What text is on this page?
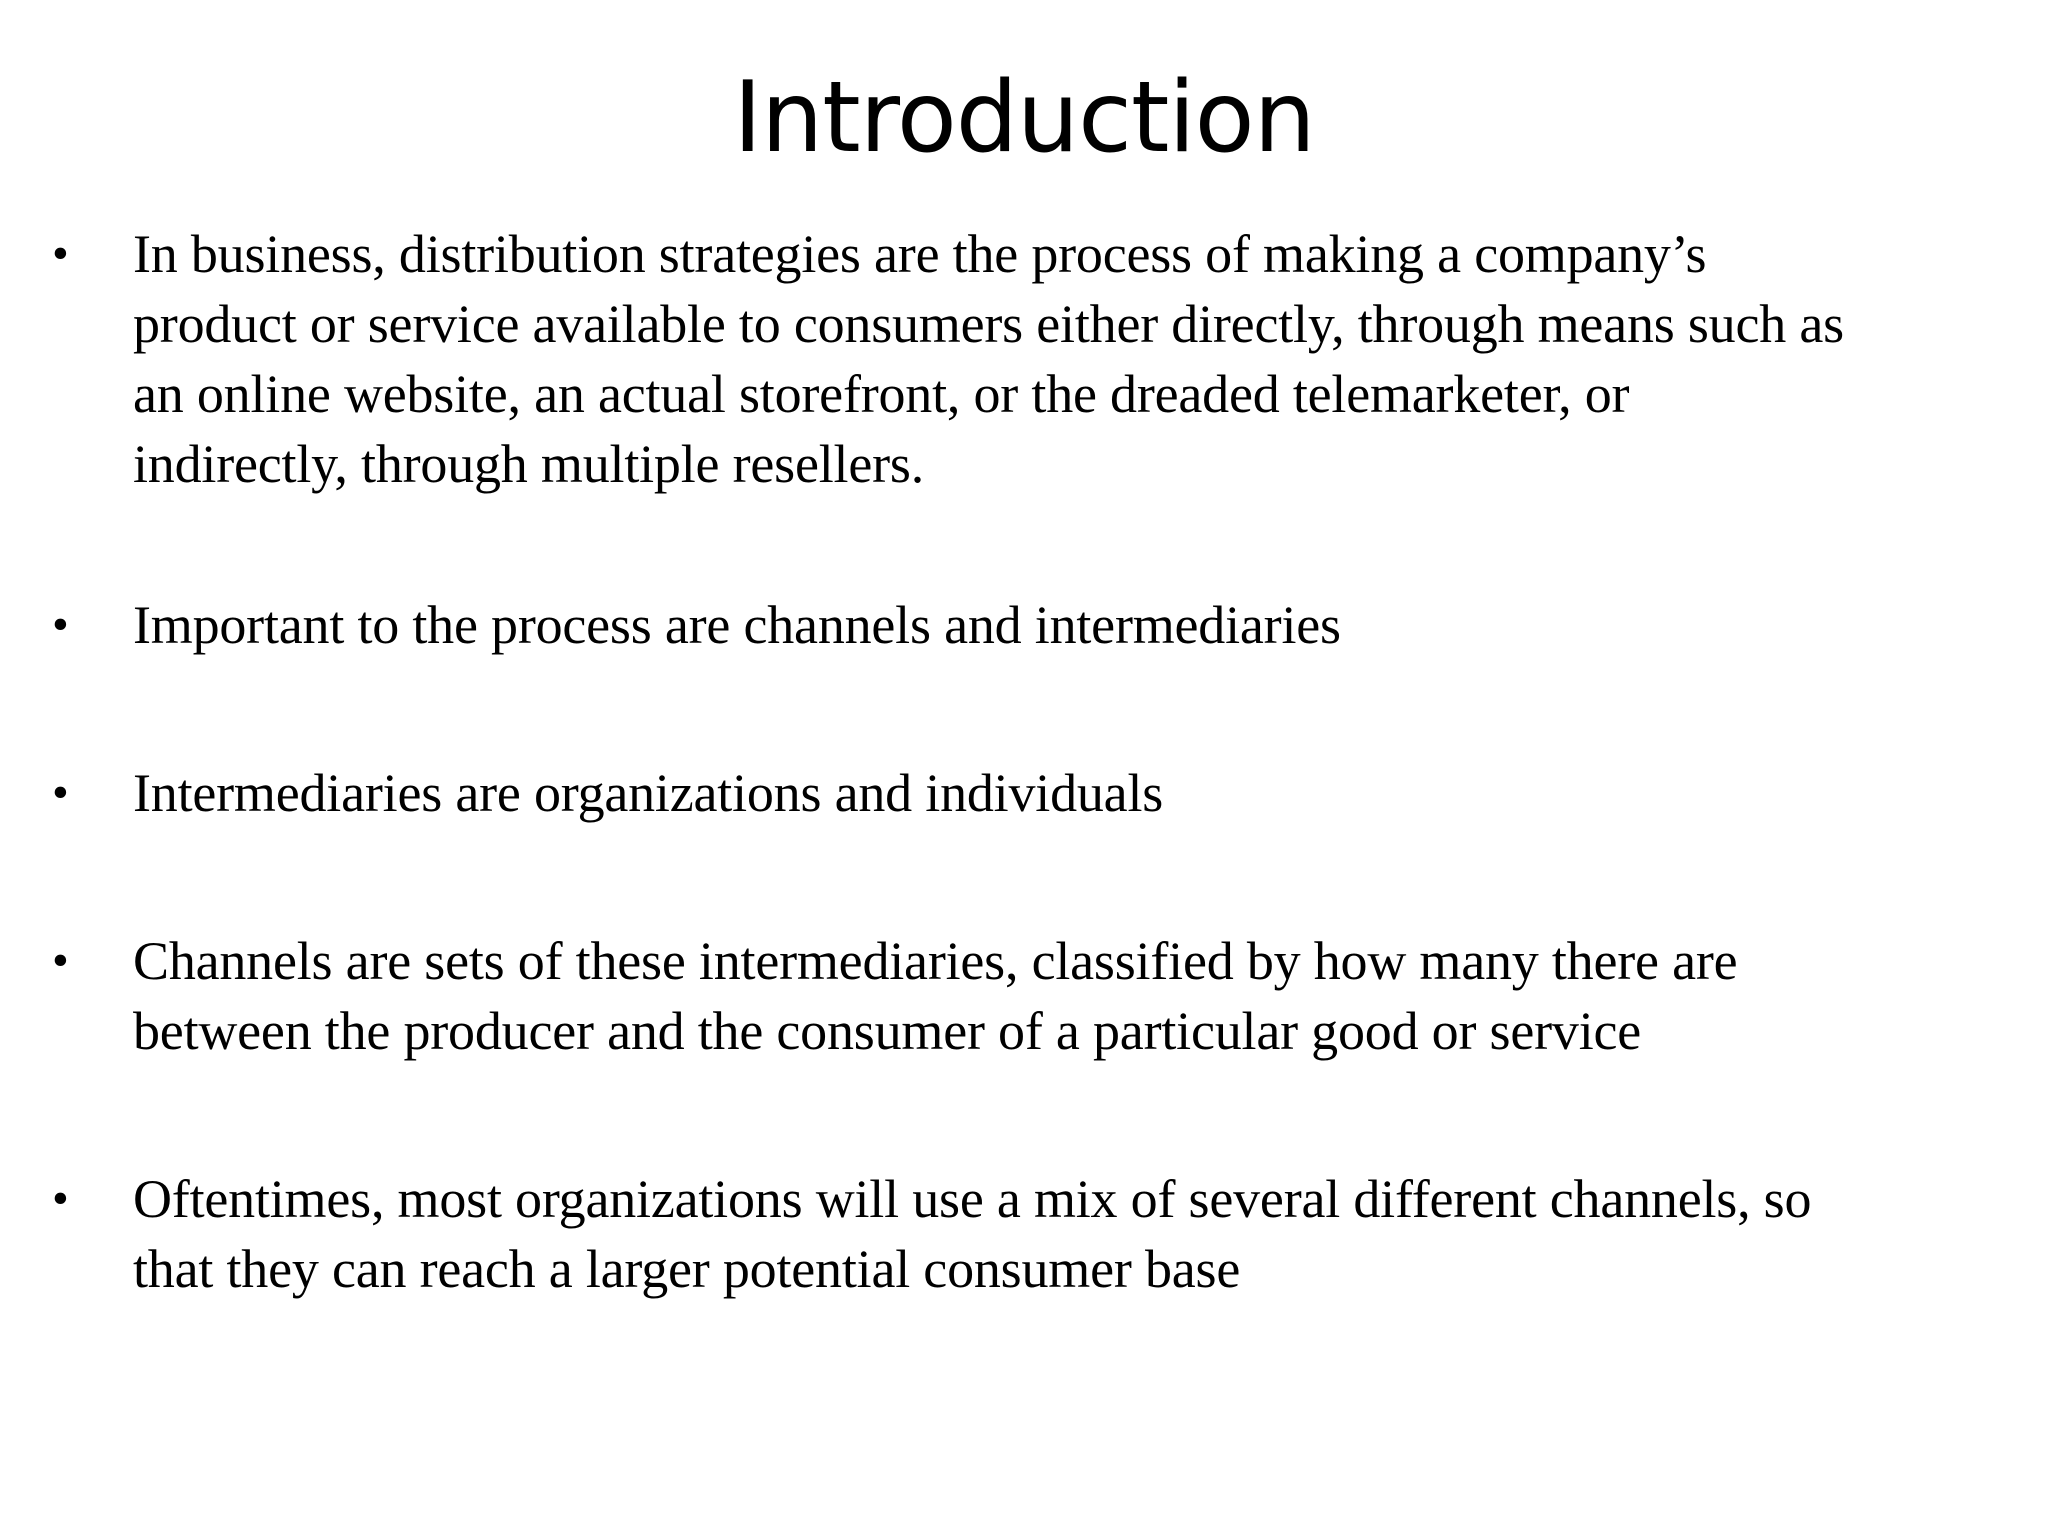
Introduction
• In business, distribution strategies are the process of making a company’s
product or service available to consumers either directly, through means such as
an online website, an actual storefront, or the dreaded telemarketer, or
indirectly, through multiple resellers.

• Important to the process are channels and intermediaries

• Intermediaries are organizations and individuals

• Channels are sets of these intermediaries, classified by how many there are
between the producer and the consumer of a particular good or service

• Oftentimes, most organizations will use a mix of several different channels, so
that they can reach a larger potential consumer base
